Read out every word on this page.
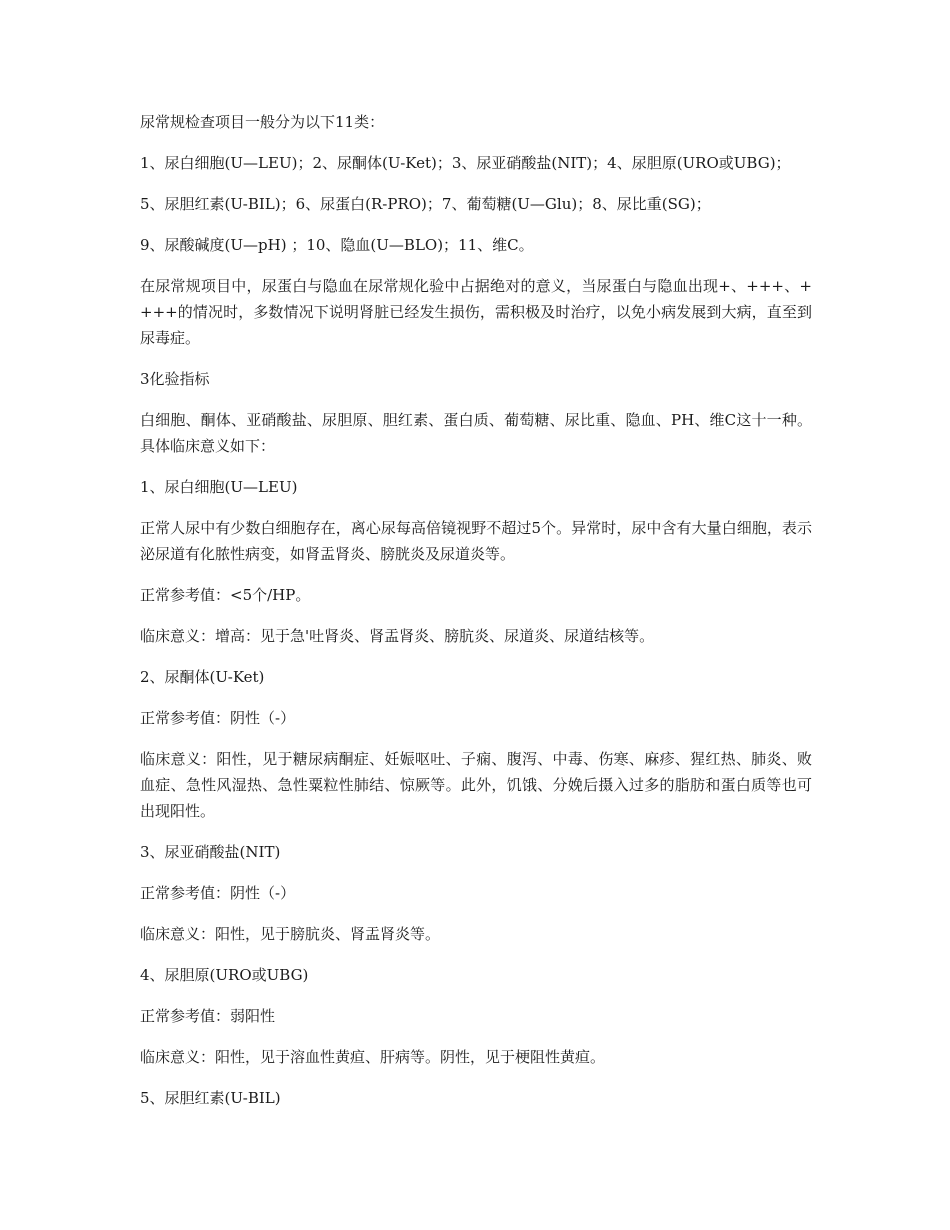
尿常规检查项目一般分为以下11类：

1、尿白细胞(U—LEU)；2、尿酮体(U-Ket)；3、尿亚硝酸盐(NIT)；4、尿胆原(URO或UBG)；

5、尿胆红素(U-BIL)；6、尿蛋白(R-PRO)；7、葡萄糖(U—Glu)；8、尿比重(SG)；

9、尿酸碱度(U—pH) ；10、隐血(U—BLO)；11、维C。

在尿常规项目中，尿蛋白与隐血在尿常规化验中占据绝对的意义，当尿蛋白与隐血出现+、+++、++++的情况时，多数情况下说明肾脏已经发生损伤，需积极及时治疗，以免小病发展到大病，直至到尿毒症。

3化验指标

白细胞、酮体、亚硝酸盐、尿胆原、胆红素、蛋白质、葡萄糖、尿比重、隐血、PH、维C这十一种。具体临床意义如下：

1、尿白细胞(U—LEU)

正常人尿中有少数白细胞存在，离心尿每高倍镜视野不超过5个。异常时，尿中含有大量白细胞，表示泌尿道有化脓性病变，如肾盂肾炎、膀胱炎及尿道炎等。

正常参考值：<5个/HP。

临床意义：增高：见于急'吐肾炎、肾盂肾炎、膀肮炎、尿道炎、尿道结核等。

2、尿酮体(U-Ket)

正常参考值：阴性（-）

临床意义：阳性，见于糖尿病酮症、妊娠呕吐、子痫、腹泻、中毒、伤寒、麻疹、猩红热、肺炎、败血症、急性风湿热、急性粟粒性肺结、惊厥等。此外，饥饿、分娩后摄入过多的脂肪和蛋白质等也可出现阳性。

3、尿亚硝酸盐(NIT)

正常参考值：阴性（-）

临床意义：阳性，见于膀肮炎、肾盂肾炎等。

4、尿胆原(URO或UBG)

正常参考值：弱阳性

临床意义：阳性，见于溶血性黄疸、肝病等。阴性，见于梗阻性黄疸。

5、尿胆红素(U-BIL)
